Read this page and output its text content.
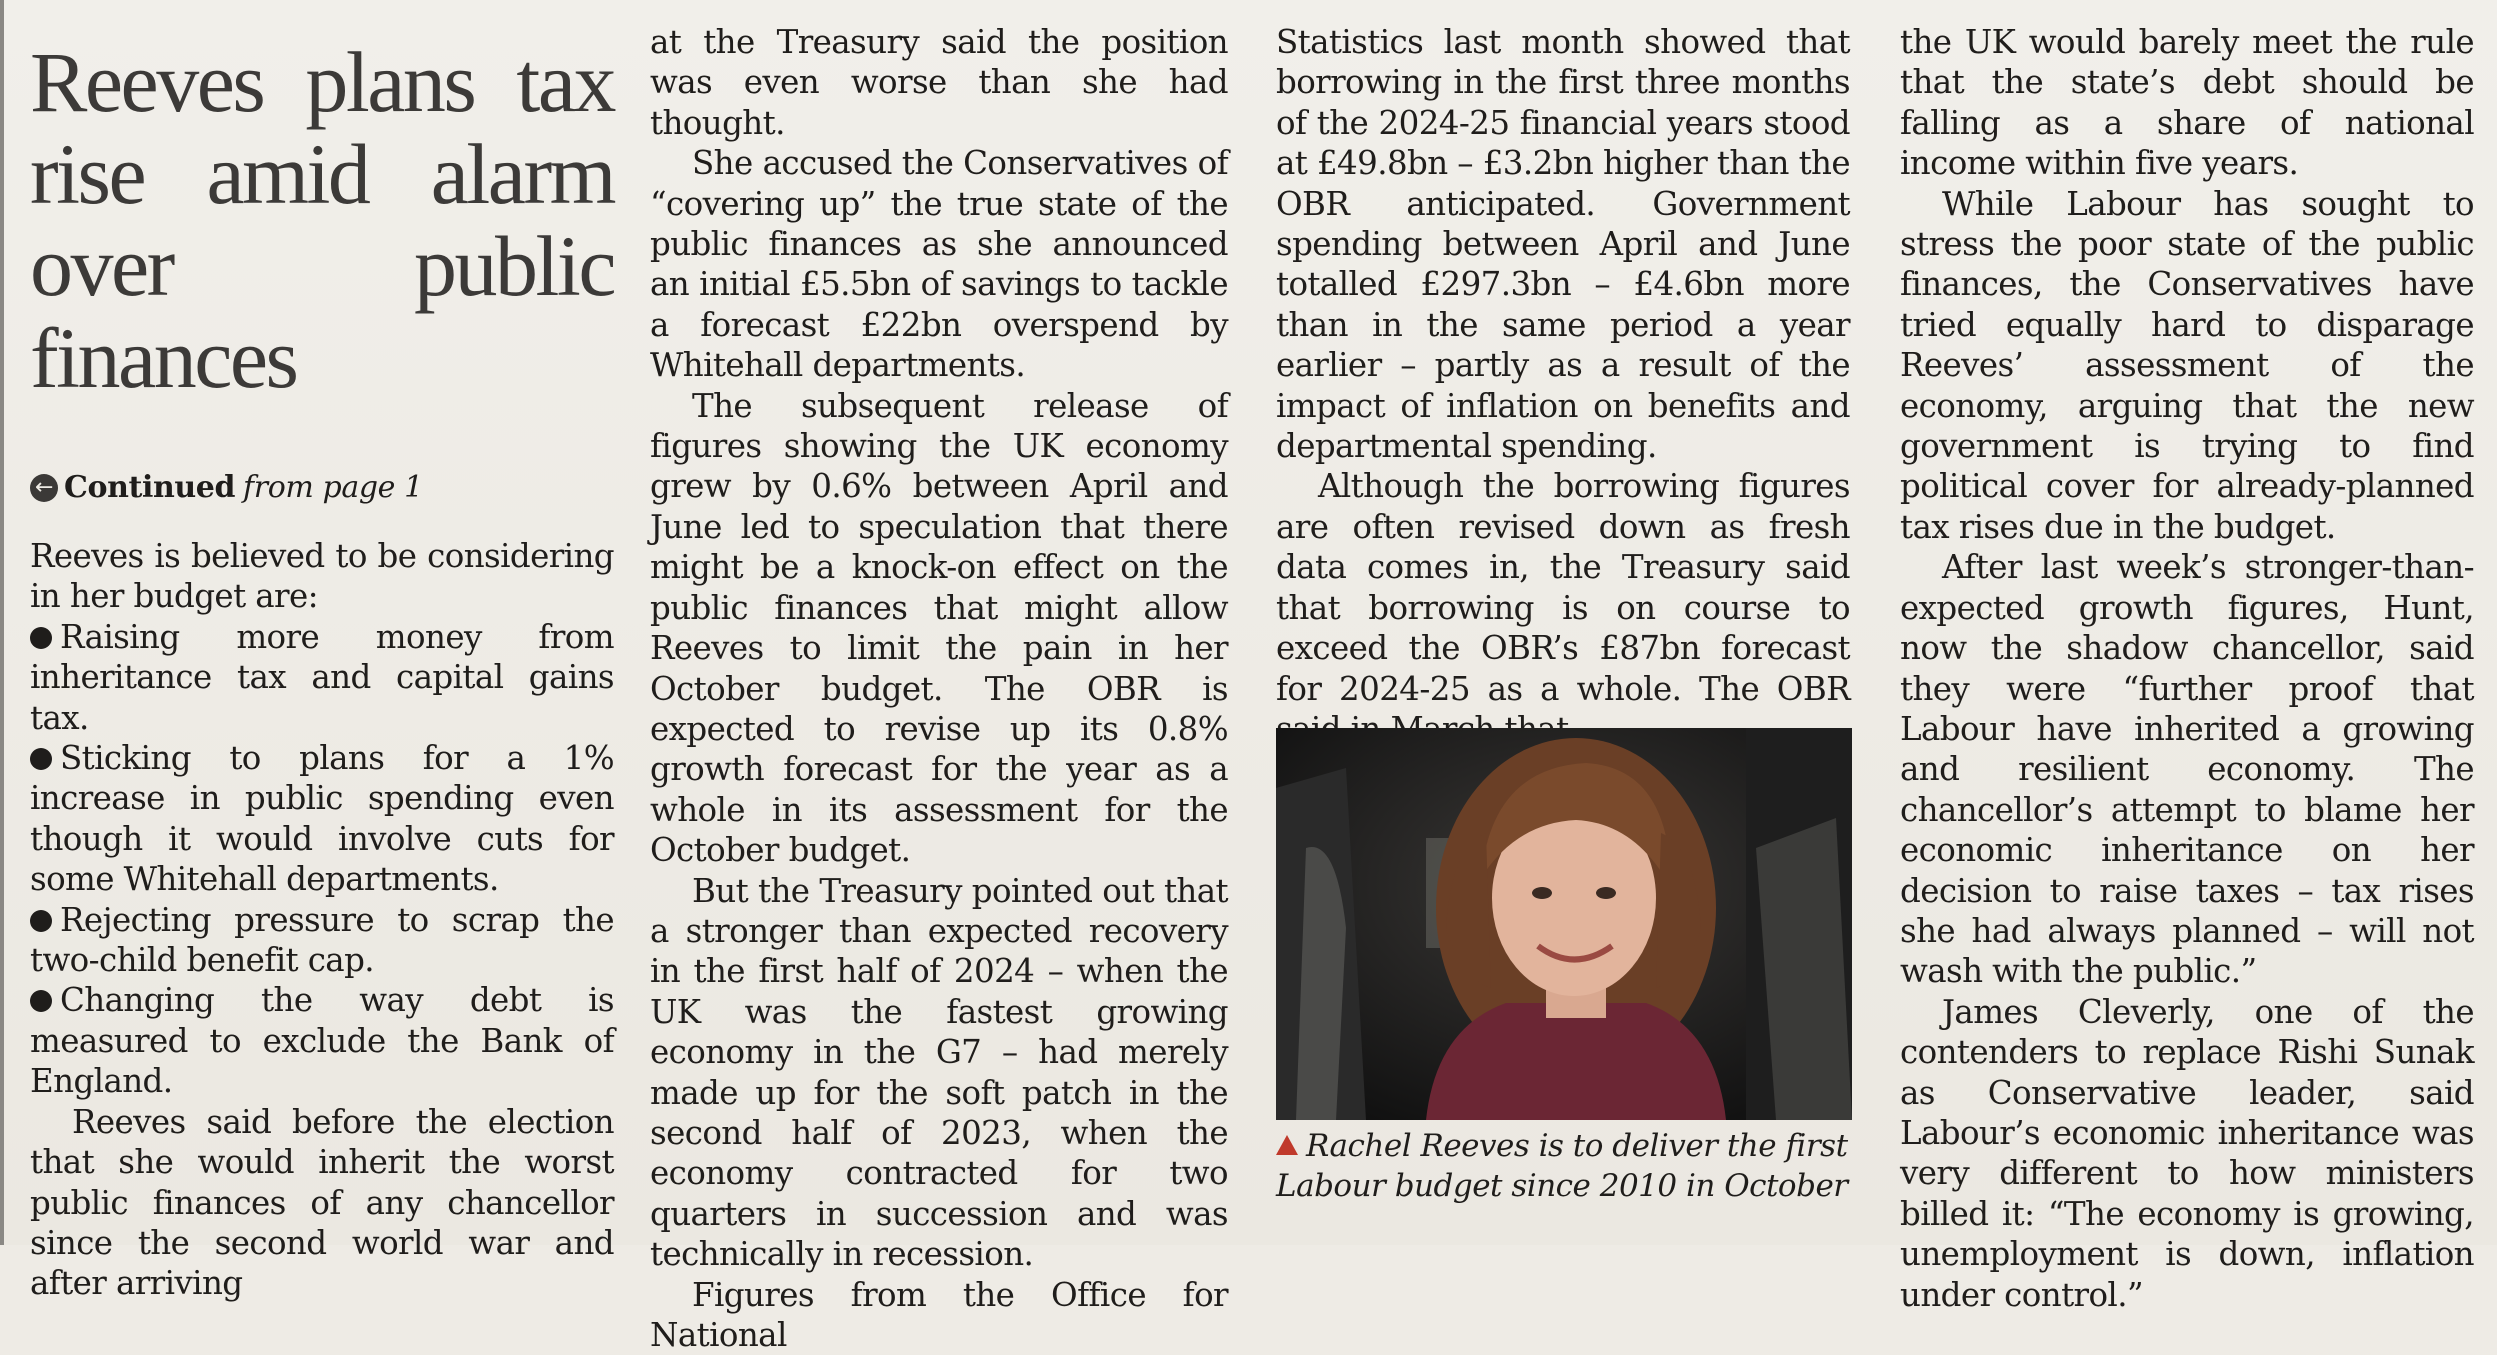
Reeves plans tax rise amid alarm over public finances
← Continued from page 1

Reeves is believed to be considering in her budget are:

Raising more money from inheritance tax and capital gains tax.

Sticking to plans for a 1% increase in public spending even though it would involve cuts for some Whitehall departments.

Rejecting pressure to scrap the two-child benefit cap.

Changing the way debt is measured to exclude the Bank of England.

Reeves said before the election that she would inherit the worst public finances of any chancellor since the second world war and after arriving

at the Treasury said the position was even worse than she had thought.

She accused the Conservatives of “covering up” the true state of the public finances as she announced an initial £5.5bn of savings to tackle a forecast £22bn overspend by Whitehall departments.

The subsequent release of figures showing the UK economy grew by 0.6% between April and June led to speculation that there might be a knock-on effect on the public finances that might allow Reeves to limit the pain in her October budget. The OBR is expected to revise up its 0.8% growth forecast for the year as a whole in its assessment for the October budget.

But the Treasury pointed out that a stronger than expected recovery in the first half of 2024 – when the UK was the fastest growing economy in the G7 – had merely made up for the soft patch in the second half of 2023, when the economy contracted for two quarters in succession and was technically in recession.

Figures from the Office for National

Statistics last month showed that borrowing in the first three months of the 2024-25 financial years stood at £49.8bn – £3.2bn higher than the OBR anticipated. Government spending between April and June totalled £297.3bn – £4.6bn more than in the same period a year earlier – partly as a result of the impact of inflation on benefits and departmental spending.

Although the borrowing figures are often revised down as fresh data comes in, the Treasury said that borrowing is on course to exceed the OBR’s £87bn forecast for 2024-25 as a whole. The OBR

Rachel Reeves is to deliver the first Labour budget since 2010 in October

the UK would barely meet the rule that the state’s debt should be falling as a share of national income within five years.

While Labour has sought to stress the poor state of the public finances, the Conservatives have tried equally hard to disparage Reeves’ assessment of the economy, arguing that the new government is trying to find political cover for already-planned tax rises due in the budget.

After last week’s stronger-than-expected growth figures, Hunt, now the shadow chancellor, said they were “further proof that Labour have inherited a growing and resilient economy. The chancellor’s attempt to blame her economic inheritance on her decision to raise taxes – tax rises she had always planned – will not wash with the public.”

James Cleverly, one of the contenders to replace Rishi Sunak as Conservative leader, said Labour’s economic inheritance was very different to how ministers billed it: “The economy is growing, unemployment is down, inflation under control.”
